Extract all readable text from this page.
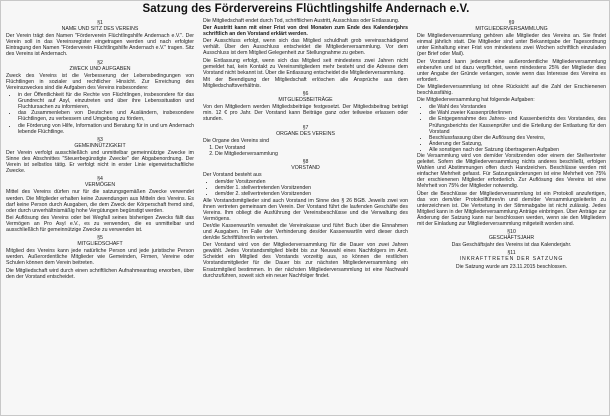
Satzung des Fördervereins Flüchtlingshilfe Andernach e.V.
§1
NAME UND SITZ DES VEREINS
Der Verein trägt den Namen "Förderverein Flüchtlingshilfe Andernach e.V.". Der Verein soll in das Vereinsregister eingetragen werden und nach erfolgter Eintragung den Namen "Förderverein Flüchtlingshilfe Andernach e.V." tragen. Sitz des Vereins ist Andernach.
§2
ZWECK UND AUFGABEN
Zweck des Vereins ist die Verbesserung der Lebensbedingungen von Flüchtlingen in sozialer und rechtlicher Hinsicht. Zur Erreichung des Vereinszweckes sind die Aufgaben des Vereins insbesondere:
• in der Öffentlichkeit für die Rechte von Flüchtlingen, insbesondere für das Grundrecht auf Asyl, einzutreten und über ihre Lebenssituation und Fluchtursachen zu informieren,
• das Zusammenleben von Deutschen und Ausländern, insbesondere Flüchtlingen, zu verbessern und Umgebung zu fördern,
• die Förderung von Hilfe, Information und Beratung für in und um Andernach lebende Flüchtlinge.
§3
GEMEINNÜTZIGKEIT
Der Verein verfolgt ausschließlich und unmittelbar gemeinnützige Zwecke im Sinne des Abschnittes "Steuerbegünstigte Zwecke" der Abgabenordnung. Der Verein ist selbstlos tätig. Er verfolgt nicht in erster Linie eigenwirtschaftliche Zwecke.
§4
VERMÖGEN
Mittel des Vereins dürfen nur für die satzungsgemäßen Zwecke verwendet werden. Die Mitglieder erhalten keine Zuwendungen aus Mitteln des Vereins. Es darf keine Person durch Ausgaben, die dem Zweck der Körperschaft fremd sind, oder durch unverhältnismäßig hohe Vergütungen begünstigt werden.
Bei Auflösung des Vereins oder bei Wegfall seines bisherigen Zwecks fällt das Vermögen an Pro Asyl e.V., es zu verwenden, die es unmittelbar und ausschließlich für gemeinnützige Zwecke zu verwenden ist.
§5
MITGLIEDSCHAFT
Mitglied des Vereins kann jede natürliche Person und jede juristische Person werden. Außerordentliche Mitglieder wie Gemeinden, Firmen, Vereine oder Schulen können dem Verein beitreten.
Die Mitgliedschaft wird durch einen schriftlichen Aufnahmeantrag erworben, über den der Vorstand entscheidet.
Die Mitgliedschaft endet durch Tod, schriftlichen Austritt, Ausschluss oder Entlassung.
Der Austritt kann mit einer Frist von drei Monaten zum Ende des Kalenderjahrs schriftlich an den Vorstand erklärt werden.
Der Ausschluss erfolgt, wenn sich das Mitglied schuldhaft grob vereinsschädigend verhält. Über den Ausschluss entscheidet die Mitgliederversammlung. Vor dem Ausschluss ist dem Mitglied Gelegenheit zur Stellungnahme zu geben.
Die Entlassung erfolgt, wenn sich das Mitglied seit mindestens zwei Jahren nicht gemeldet hat, kein Kontakt zu Vereinsmitgliedern mehr besteht und die Adresse dem Vorstand nicht bekannt ist. Über die Entlassung entscheidet die Mitgliederversammlung.
Mit der Beendigung der Mitgliedschaft erlöschen alle Ansprüche aus dem Mitgliedschaftsverhältnis.
§6
MITGLIEDSBEITRÄGE
Von den Mitgliedern werden Mitgliedsbeiträge festgesetzt. Der Mitgliedsbeitrag beträgt min. 12 € pro Jahr. Der Vorstand kann Beiträge ganz oder teilweise erlassen oder stunden.
§7
ORGANE DES VEREINS
Die Organe des Vereins sind
1. Der Vorstand
2. Die Mitgliederversammlung
§8
VORSTAND
Der Vorstand besteht aus
• dem/der Vorsitzenden
• dem/der 1. stellvertretenden Vorsitzenden
• dem/der 2. stellvertretenden Vorsitzenden
Alle Vorstandsmitglieder sind auch Vorstand im Sinne des § 26 BGB. Jeweils zwei von ihnen vertreten gemeinsam den Verein. Der Vorstand führt die laufenden Geschäfte des Vereins. Ihm obliegt die Ausführung der Vereinsbeschlüsse und die Verwaltung des Vermögens.
Der/die Kassenwart/in verwaltet die Vereinskasse und führt Buch über die Einnahmen und Ausgaben. Im Falle der Verhinderung des/der Kassenwart/in wird dieser durch den/die Schriftführer/in vertreten.
Der Vorstand wird von der Mitgliederversammlung für die Dauer von zwei Jahren gewählt. Jedes Vorstandsmitglied bleibt bis zur Neuwahl eines Nachfolgers im Amt. Scheidet ein Mitglied des Vorstands vorzeitig aus, so können die restlichen Vorstandsmitglieder für die Dauer bis zur nächsten Mitgliederversammlung ein Ersatzmitglied bestimmen. In der nächsten Mitgliederversammlung ist eine Nachwahl durchzuführen, soweit sich ein neuer Nachfolger findet.
§9
MITGLIEDERVERSAMMLUNG
Die Mitgliederversammlung gehören alle Mitglieder des Vereins an. Sie findet einmal jährlich statt. Die Mitglieder sind unter Bekanntgabe der Tagesordnung unter Einhaltung einer Frist von mindestens zwei Wochen schriftlich einzuladen (per Brief oder Mail).
Der Vorstand kann jederzeit eine außerordentliche Mitgliederversammlung einberufen und ist dazu verpflichtet, wenn mindestens 25% der Mitglieder dies unter Angabe der Gründe verlangen, sowie wenn das Interesse des Vereins es erfordert.
Die Mitgliederversammlung ist ohne Rücksicht auf die Zahl der Erschienenen beschlussfähig.
Die Mitgliederversammlung hat folgende Aufgaben:
• die Wahl des Vorstandes
• die Wahl zweier Kassenprüfer/innen
• die Entgegennahme des Jahres- und Kassenberichts des Vorstandes, des Prüfungsberichts der Kassenprüfer und die Erteilung der Entlastung für den Vorstand
• Beschlussfassung über die Auflösung des Vereins,
• Änderung der Satzung,
• Alle sonstigen nach der Satzung übertragenen Aufgaben
Die Versammlung wird von dem/der Vorsitzenden oder einem der Stellvertreter geleitet. Sofern die Mitgliederversammlung nichts anderes beschließt, erfolgen Wahlen und Abstimmungen offen durch Handzeichen. Beschlüsse werden mit einfacher Mehrheit gefasst. Für Satzungsänderungen ist eine Mehrheit von 75% der erschienenen Mitglieder erforderlich. Zur Auflösung des Vereins ist eine Mehrheit von 75% der Mitglieder notwendig.
Über die Beschlüsse der Mitgliederversammlung ist ein Protokoll anzufertigen, das von dem/der Protokollführer/in und dem/der Versammlungsleiter/in zu unterzeichnen ist. Die Vertretung in der Stimmabgabe ist nicht zulässig. Jedes Mitglied kann in der Mitgliederversammlung Anträge einbringen. Über Anträge zur Änderung der Satzung kann nur beschlossen werden, wenn sie den Mitgliedern mit der Einladung zur Mitgliederversammlung mitgeteilt worden sind.
§10
GESCHÄFTSJAHR
Das Geschäftsjahr des Vereins ist das Kalenderjahr.
§11
INKRAFTTRETEN DER SATZUNG
Die Satzung wurde am 23.11.2015 beschlossen.
